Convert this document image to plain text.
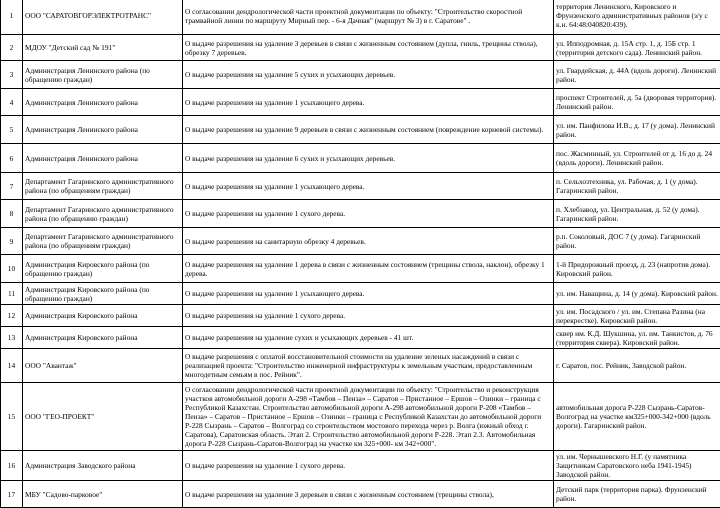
1	ООО "САРАТОВГОРЭЛЕКТРОТРАНС"	О согласовании дендрологической части проектной документации по объекту: "Строительство скоростной трамвайной линии по маршруту Мирный пер. - 6-я Дачная" (маршрут № 3) в г. Саратове" .	территория Ленинского, Кировского и Фрунзенского административных районов (з/у с к.н. 64:48:040820:439).
2	МДОУ "Детский сад № 191"	О выдаче разрешения на удаление 3 деревьев в связи с жизненным состоянием (дупла, гниль, трещины ствола), обрезку 7 деревьев.	ул. Ипподромная, д. 15А стр. 1, д. 15Б стр. 1 (территория детского сада). Ленинский район.
3	Администрация Ленинского района (по обращению граждан)	О выдаче разрешения на удаление 5 сухих и усыхающих деревьев.	ул. Гвардейская, д. 44А (вдоль дороги). Ленинский район.
4	Администрация Ленинского района	О выдаче разрешения на удаление 1 усыхающего дерева.	проспект Строителей, д. 5а (дворовая территория). Ленинский район.
5	Администрация Ленинского района	О выдаче разрешения на удаление 9 деревьев в связи с жизненным состоянием (повреждение корневой системы).	ул. им. Панфилова И.В., д. 17 (у дома). Ленинский район.
6	Администрация Ленинского района	О выдаче разрешения на удаление 6 сухих и усыхающих деревьев.	пос. Жасминный, ул. Строителей от д. 16 до д. 24 (вдоль дороги). Ленинский район.
7	Департамент Гагаринского административного района (по обращениям граждан)	О выдаче разрешения на удаление 1 усыхающего дерева.	п. Сельхозтехника, ул. Рабочая, д. 1 (у дома). Гагаринский район.
8	Департамент Гагаринского административного района (по обращению граждан)	О выдаче разрешения на удаление 1 сухого дерева.	п. Хлебзавод, ул. Центральная, д. 52 (у дома). Гагаринский район.
9	Департамент Гагаринского административного района (по обращениям граждан)	О выдаче разрешения на санитарную обрезку 4 деревьев.	р.п. Соколовый, ДОС 7 (у дома). Гагаринский район.
10	Администрация Кировского района (по обращению граждан)	О выдаче разрешения на удаление 1 дерева в связи с жизненным состоянием (трещины ствола, наклон), обрезку 1 дерева.	1-й Придорожный проезд, д. 23 (напротив дома). Кировский район.
11	Администрация Кировского района (по обращению граждан)	О выдаче разрешения на удаление 1 усыхающего дерева.	ул. им. Наващина, д. 14 (у дома). Кировский район.
12	Администрация Кировского района	О выдаче разрешения на удаление 1 сухого дерева.	ул. им. Посадского / ул. им. Степана Разина (на перекрестке). Кировский район.
13	Администрация Кировского района	О выдаче разрешения на удаление сухих и усыхающих деревьев - 41 шт.	сквер им. К.Д. Шукшина, ул. им. Танкистов, д. 76 (территория сквера). Кировский район.
14	ООО "Авантаж"	О выдаче разрешения с оплатой восстановительной стоимости на удаление зеленых насаждений в связи с реализацией проекта: "Строительство инженерной инфраструктуры к земельным участкам, предоставленным многодетным семьям в пос. Рейник".	г. Саратов, пос. Рейник, Заводской район.
15	ООО "ГЕО-ПРОЕКТ"	О согласовании дендрологической части проектной документации по объекту: "Строительство и реконструкция участков автомобильной дороги А-298 «Тамбов – Пенза» – Саратов – Пристанное – Ершов – Озинки – граница с Республикой Казахстан. Строительство автомобильной дороги А-298 автомобильной дороги Р-208 «Тамбов – Пенза» – Саратов – Пристанное – Ершов – Озинки – граница с Республикой Казахстан до автомобильной дороги Р-228 Сызрань – Саратов – Волгоград со строительством мостового перехода через р. Волга (южный обход г. Саратова), Саратовская область. Этап 2. Строительство автомобильной дороги Р-228. Этап 2.3. Автомобильная дорога Р-228 Сызрань-Саратов-Волгоград на участке км 325+000- км 342+000".	автомобильная дорога Р-228 Сызрань-Саратов-Волгоград на участке км325+000-342+000 (вдоль дороги). Гагаринский район.
16	Администрация Заводского района	О выдаче разрешения на удаление 1 сухого дерева.	ул. им. Чернышевского Н.Г. (у памятника Защитникам Саратовского неба 1941-1945) Заводской район.
17	МБУ "Садово-парковое"	О выдаче разрешения на удаление 3 деревьев в связи с жизненным состоянием (трещины ствола),	Детский парк (территория парка). Фрунзенский район.
